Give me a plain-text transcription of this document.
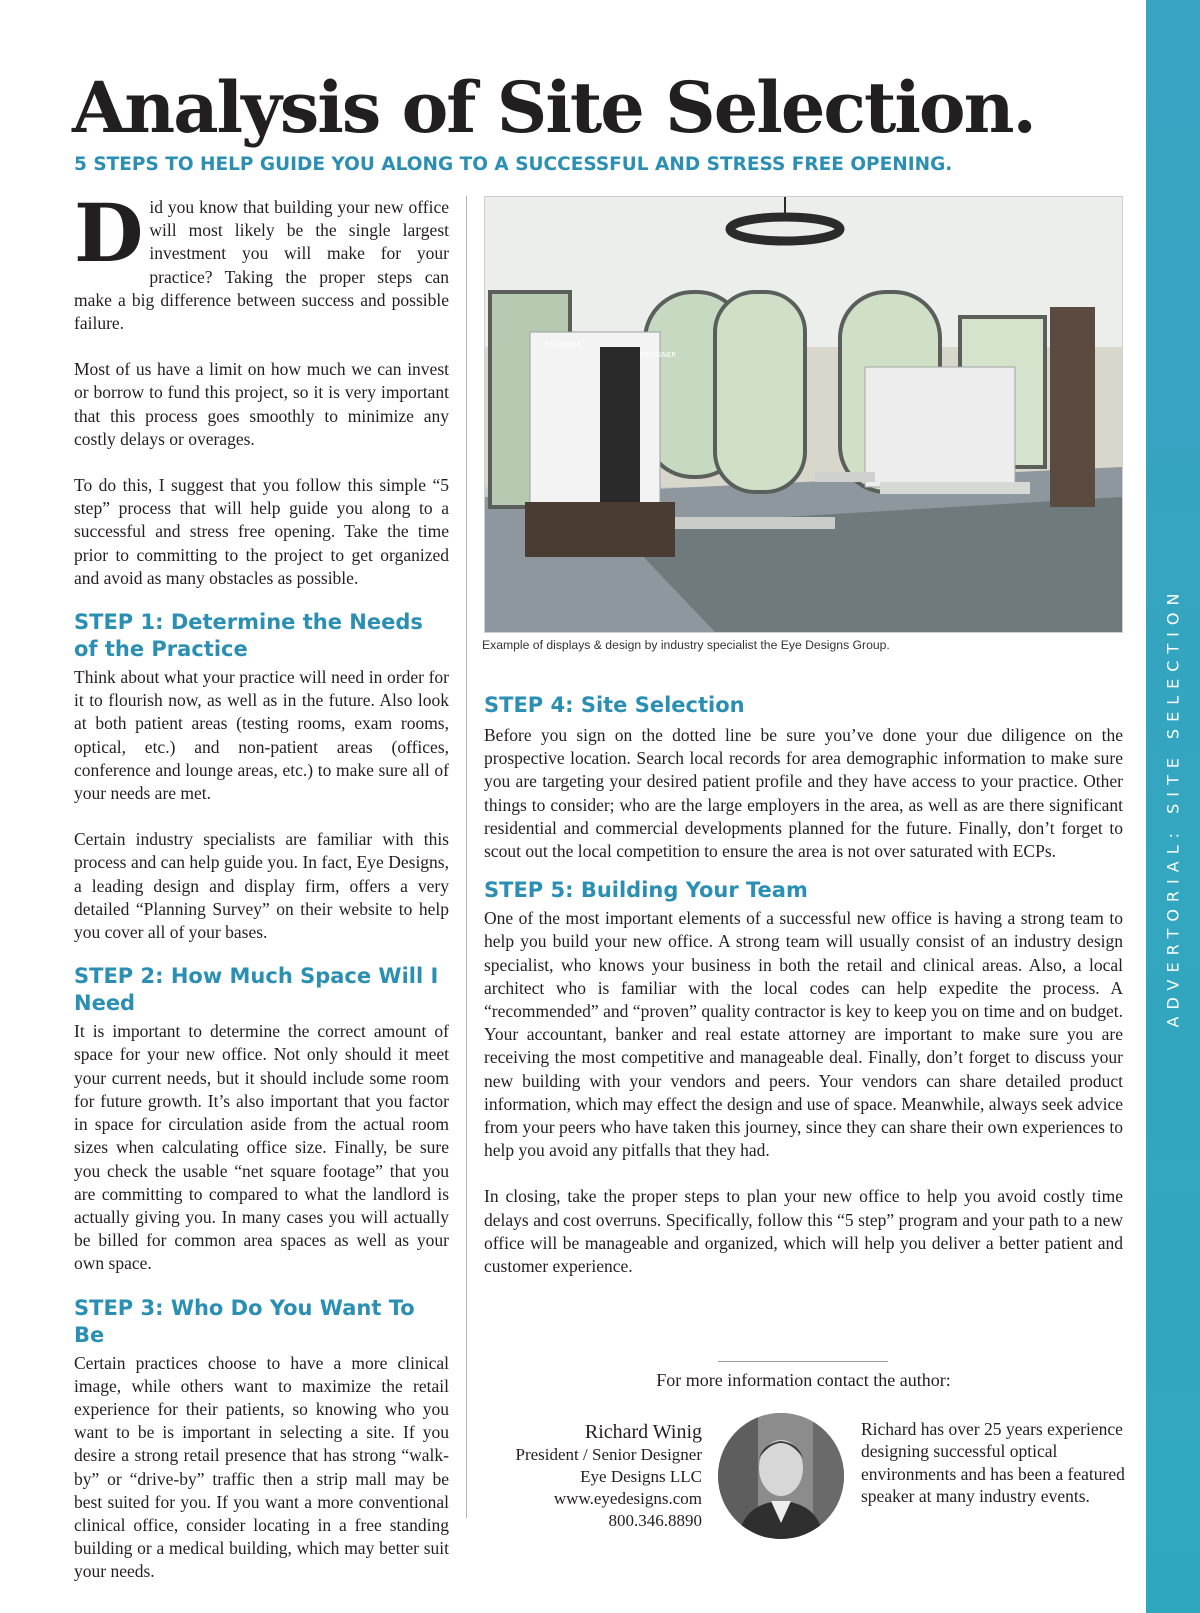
ADVERTORIAL: SITE SELECTION
Analysis of Site Selection.
5 STEPS TO HELP GUIDE YOU ALONG TO A SUCCESSFUL AND STRESS FREE OPENING.

Did you know that building your new office will most likely be the single largest investment you will make for your practice? Taking the proper steps can make a big difference between success and possible failure.

Most of us have a limit on how much we can invest or borrow to fund this project, so it is very important that this process goes smoothly to minimize any costly delays or overages.

To do this, I suggest that you follow this simple “5 step” process that will help guide you along to a successful and stress free opening. Take the time prior to committing to the project to get organized and avoid as many obstacles as possible.

STEP 1: Determine the Needs of the Practice

Think about what your practice will need in order for it to flourish now, as well as in the future. Also look at both patient areas (testing rooms, exam rooms, optical, etc.) and non-patient areas (offices, conference and lounge areas, etc.) to make sure all of your needs are met.

Certain industry specialists are familiar with this process and can help guide you. In fact, Eye Designs, a leading design and display firm, offers a very detailed “Planning Survey” on their website to help you cover all of your bases.

STEP 2: How Much Space Will I Need

It is important to determine the correct amount of space for your new office. Not only should it meet your current needs, but it should include some room for future growth. It’s also important that you factor in space for circulation aside from the actual room sizes when calculating office size. Finally, be sure you check the usable “net square footage” that you are committing to compared to what the landlord is actually giving you. In many cases you will actually be billed for common area spaces as well as your own space.

STEP 3: Who Do You Want To Be

Certain practices choose to have a more clinical image, while others want to maximize the retail experience for their patients, so knowing who you want to be is important in selecting a site. If you desire a strong retail presence that has strong “walk-by” or “drive-by” traffic then a strip mall may be best suited for you. If you want a more conventional clinical office, consider locating in a free standing building or a medical building, which may better suit your needs.

DESIGNER
DESIGNER

Example of displays & design by industry specialist the Eye Designs Group.

STEP 4: Site Selection

Before you sign on the dotted line be sure you’ve done your due diligence on the prospective location. Search local records for area demographic information to make sure you are targeting your desired patient profile and they have access to your practice. Other things to consider; who are the large employers in the area, as well as are there significant residential and commercial developments planned for the future. Finally, don’t forget to scout out the local competition to ensure the area is not over saturated with ECPs.

STEP 5: Building Your Team

One of the most important elements of a successful new office is having a strong team to help you build your new office. A strong team will usually consist of an industry design specialist, who knows your business in both the retail and clinical areas. Also, a local architect who is familiar with the local codes can help expedite the process. A “recommended” and “proven” quality contractor is key to keep you on time and on budget. Your accountant, banker and real estate attorney are important to make sure you are receiving the most competitive and manageable deal. Finally, don’t forget to discuss your new building with your vendors and peers. Your vendors can share detailed product information, which may effect the design and use of space. Meanwhile, always seek advice from your peers who have taken this journey, since they can share their own experiences to help you avoid any pitfalls that they had.

In closing, take the proper steps to plan your new office to help you avoid costly time delays and cost overruns. Specifically, follow this “5 step” program and your path to a new office will be manageable and organized, which will help you deliver a better patient and customer experience.

For more information contact the author:

Richard Winig

President / Senior Designer

Eye Designs LLC

www.eyedesigns.com

800.346.8890

Richard has over 25 years experience designing successful optical environments and has been a featured speaker at many industry events.
